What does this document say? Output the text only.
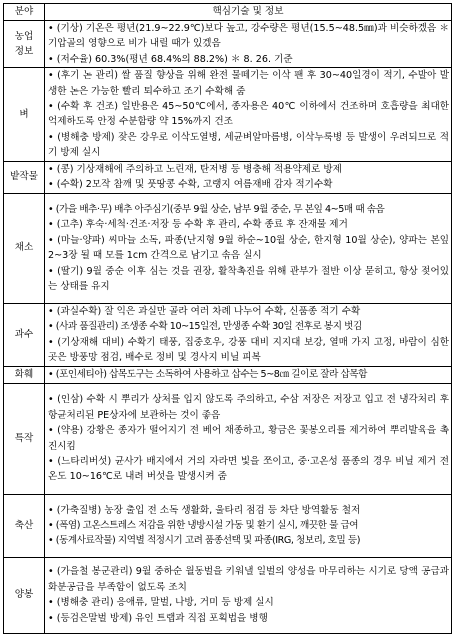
분야	핵심기술 및 정보
농업
정보	• (기상) 기온은 평년(21.9~22.9℃)보다 높고, 강수량은 평년(15.5~48.5㎜)과 비슷하겠음 ＊ 기압골의 영향으로 비가 내릴 때가 있겠음
• (저수율) 60.3%(평년 68.4%의 88.2%) ＊ 8. 26. 기준

벼	• (후기 논 관리) 쌀 품질 향상을 위해 완전 물떼기는 이삭 팬 후 30~40일경이 적기, 수발아 발생한 논은 가능한 빨리 퇴수하고 조기 수확해 줌
• (수확 후 건조) 일반용은 45~50℃에서, 종자용은 40℃ 이하에서 건조하며 호흡량을 최대한 억제하도록 안정 수분함량 약 15%까지 건조
• (병해충 방제) 잦은 강우로 이삭도열병, 세균벼알마름병, 이삭누룩병 등 발생이 우려되므로 적기 방제 실시

밭작물	• (콩) 기상재해에 주의하고 노린재, 탄저병 등 병충해 적용약제로 방제
• (수확) 2모작 참깨 및 풋땅콩 수확, 고랭지 여름재배 감자 적기수확

채소	• (가을 배추·무) 배추 아주심기(중부 9월 상순, 남부 9월 중순, 무 본잎 4~5매 때 솎음
• (고추) 후숙·세척·건조·저장 등 수확 후 관리, 수확 종료 후 잔재물 제거
• (마늘·양파) 씨마늘 소독, 파종(난지형 9월 하순~10월 상순, 한지형 10월 상순), 양파는 본잎 2~3장 될 때 모를 1cm 간격으로 남기고 솎음 실시
• (딸기) 9월 중순 이후 심는 것을 권장, 활착촉진을 위해 관부가 절반 이상 묻히고, 항상 젖어있는 상태를 유지

과수	• (과실수확) 잘 익은 과실만 골라 여러 차례 나누어 수확, 신품종 적기 수확
• (사과 품질관리) 조생종 수확 10~15일전, 만생종 수확 30일 전후로 봉지 벗김
• (기상재해 대비) 수확기 태풍, 집중호우, 강풍 대비 지지대 보강, 열매 가지 고정, 바람이 심한 곳은 방풍망 점검, 배수로 정비 및 경사지 비닐 피복

화훼	• (포인세티아) 삽목도구는 소독하여 사용하고 삽수는 5~8㎝ 길이로 잘라 삽목함

특작	• (인삼) 수확 시 뿌리가 상처를 입지 않도록 주의하고, 수삼 저장은 저장고 입고 전 냉각처리 후 항균처리된 PE상자에 보관하는 것이 좋음
• (약용) 강황은 종자가 떨어지기 전 베어 채종하고, 황금은 꽃봉오리를 제거하여 뿌리발육을 촉진시킴
• (느타리버섯) 균사가 배지에서 거의 자라면 빛을 쪼이고, 중·고온성 품종의 경우 비닐 제거 전 온도 10~16℃로 내려 버섯을 발생시켜 줌

축산	• (가축질병) 농장 출입 전 소독 생활화, 울타리 점검 등 차단 방역활동 철저
• (폭염) 고온스트레스 저감을 위한 냉방시설 가동 및 환기 실시, 깨끗한 물 급여
• (동계사료작물) 지역별 적정시기 고려 품종선택 및 파종(IRG, 청보리, 호밀 등)

양봉	• (가을철 봉군관리) 9월 중하순 월동벌을 키워낼 일벌의 양성을 마무리하는 시기로 당액 공급과 화분공급을 부족함이 없도록 조치
• (병해충 관리) 응애류, 말벌, 나방, 거미 등 방제 실시
• (등검은말벌 방제) 유인 트랩과 직접 포획법을 병행
